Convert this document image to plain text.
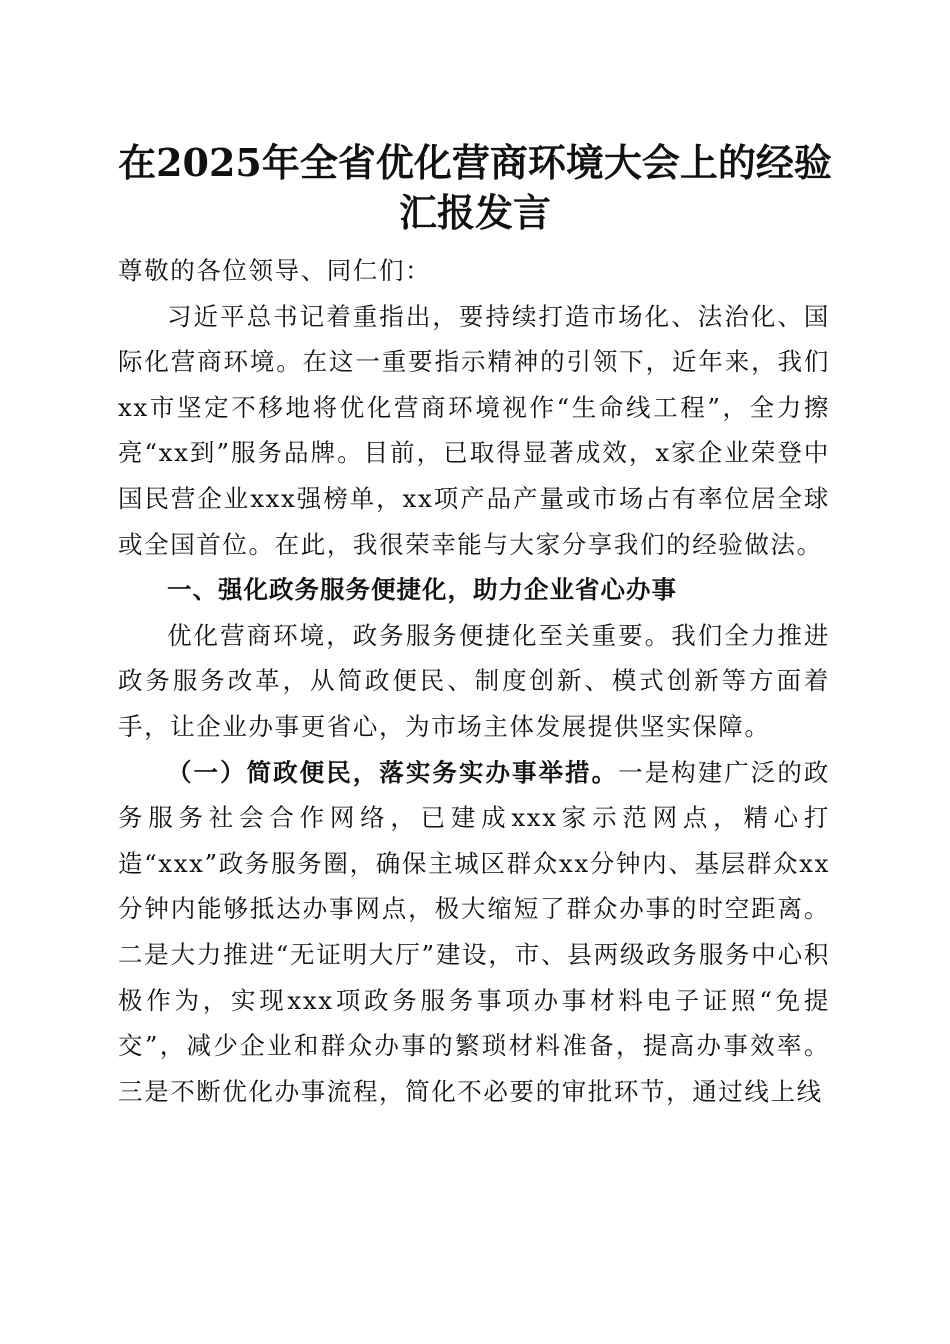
在2025年全省优化营商环境大会上的经验汇报发言

尊敬的各位领导、同仁们：

习近平总书记着重指出，要持续打造市场化、法治化、国际化营商环境。在这一重要指示精神的引领下，近年来，我们xx市坚定不移地将优化营商环境视作“生命线工程”，全力擦亮“xx到”服务品牌。目前，已取得显著成效，x家企业荣登中国民营企业xxx强榜单，xx项产品产量或市场占有率位居全球或全国首位。在此，我很荣幸能与大家分享我们的经验做法。

一、强化政务服务便捷化，助力企业省心办事

优化营商环境，政务服务便捷化至关重要。我们全力推进政务服务改革，从简政便民、制度创新、模式创新等方面着手，让企业办事更省心，为市场主体发展提供坚实保障。

（一）简政便民，落实务实办事举措。一是构建广泛的政务服务社会合作网络，已建成xxx家示范网点，精心打造“xxx”政务服务圈，确保主城区群众xx分钟内、基层群众xx分钟内能够抵达办事网点，极大缩短了群众办事的时空距离。二是大力推进“无证明大厅”建设，市、县两级政务服务中心积极作为，实现xxx项政务服务事项办事材料电子证照“免提交”，减少企业和群众办事的繁琐材料准备，提高办事效率。三是不断优化办事流程，简化不必要的审批环节，通过线上线
